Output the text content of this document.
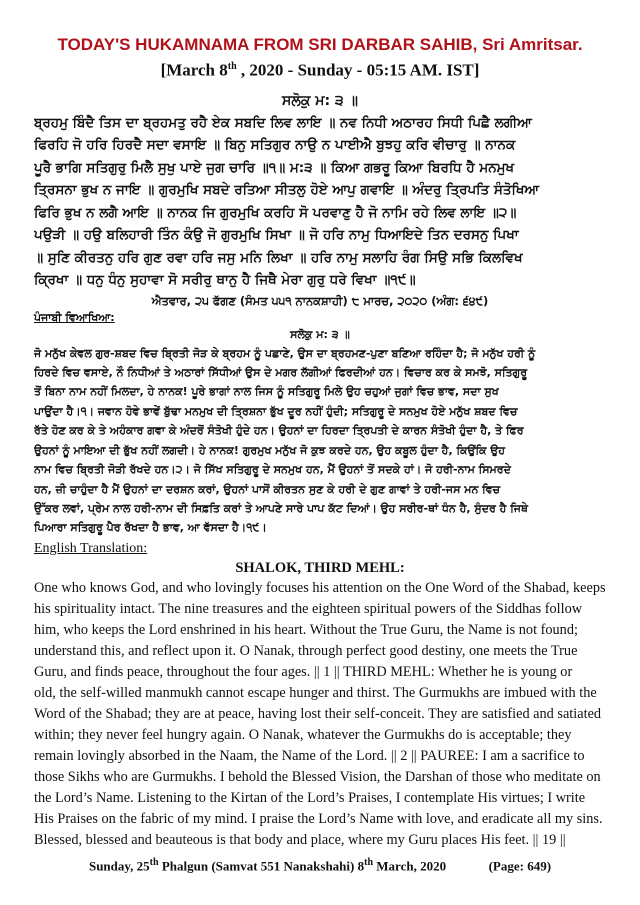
TODAY'S HUKAMNAMA FROM SRI DARBAR SAHIB, Sri Amritsar.
[March 8th , 2020 - Sunday - 05:15 AM. IST]
ਸਲੋਕੁ ਮ: ੩ ॥

ਬ੍ਰਹਮੁ ਬਿੰਦੈ ਤਿਸ ਦਾ ਬ੍ਰਹਮਤੁ ਰਹੈ ਏਕ ਸਬਦਿ ਲਿਵ ਲਾਇ ॥ ਨਵ ਨਿਧੀ ਅਠਾਰਹ ਸਿਧੀ ਪਿਛੈ ਲਗੀਆ

ਫਿਰਹਿ ਜੋ ਹਰਿ ਹਿਰਦੈ ਸਦਾ ਵਸਾਇ ॥ ਬਿਨੁ ਸਤਿਗੁਰ ਨਾਉ ਨ ਪਾਈਐ ਬੁਝਹੁ ਕਰਿ ਵੀਚਾਰੁ ॥ ਨਾਨਕ

ਪੂਰੈ ਭਾਗਿ ਸਤਿਗੁਰੁ ਮਿਲੈ ਸੁਖੁ ਪਾਏ ਜੁਗ ਚਾਰਿ ॥੧॥ ਮ:੩ ॥ ਕਿਆ ਗਭਰੂ ਕਿਆ ਬਿਰਧਿ ਹੈ ਮਨਮੁਖ

ਤ੍ਰਿਸਨਾ ਭੁਖ ਨ ਜਾਇ ॥ ਗੁਰਮੁਖਿ ਸਬਦੇ ਰਤਿਆ ਸੀਤਲੁ ਹੋਏ ਆਪੁ ਗਵਾਇ ॥ ਅੰਦਰੁ ਤ੍ਰਿਪਤਿ ਸੰਤੋਖਿਆ

ਫਿਰਿ ਭੁਖ ਨ ਲਗੈ ਆਇ ॥ ਨਾਨਕ ਜਿ ਗੁਰਮੁਖਿ ਕਰਹਿ ਸੋ ਪਰਵਾਣੁ ਹੈ ਜੋ ਨਾਮਿ ਰਹੇ ਲਿਵ ਲਾਇ ॥੨॥

ਪਉੜੀ ॥ ਹਉ ਬਲਿਹਾਰੀ ਤਿੰਨ ਕੰਉ ਜੋ ਗੁਰਮੁਖਿ ਸਿਖਾ ॥ ਜੋ ਹਰਿ ਨਾਮੁ ਧਿਆਇਦੇ ਤਿਨ ਦਰਸਨੁ ਪਿਖਾ

॥ ਸੁਣਿ ਕੀਰਤਨੁ ਹਰਿ ਗੁਣ ਰਵਾ ਹਰਿ ਜਸੁ ਮਨਿ ਲਿਖਾ ॥ ਹਰਿ ਨਾਮੁ ਸਲਾਹਿ ਰੰਗ ਸਿਉ ਸਭਿ ਕਿਲਵਿਖ

ਕ੍ਰਿਖਾ ॥ ਧਨੁ ਧੰਨੁ ਸੁਹਾਵਾ ਸੋ ਸਰੀਰੁ ਥਾਨੁ ਹੈ ਜਿਥੈ ਮੇਰਾ ਗੁਰੁ ਧਰੇ ਵਿਖਾ ॥੧੯॥

ਐਤਵਾਰ, ੨੫ ਫੱਗਣ (ਸੰਮਤ ੫੫੧ ਨਾਨਕਸ਼ਾਹੀ) ੮ ਮਾਰਚ, ੨੦੨੦ (ਅੰਗ: ੬੪੯)
ਪੰਜਾਬੀ ਵਿਆਖਿਆ:
ਸਲੋਕੁ ਮ: ੩ ॥

ਜੋ ਮਨੁੱਖ ਕੇਵਲ ਗੁਰ-ਸ਼ਬਦ ਵਿਚ ਬ੍ਰਿਤੀ ਜੋੜ ਕੇ ਬ੍ਰਹਮ ਨੂੰ ਪਛਾਣੇ, ਉਸ ਦਾ ਬ੍ਰਹਮਣ-ਪੁਣਾ ਬਣਿਆ ਰਹਿੰਦਾ ਹੈ; ਜੋ ਮਨੁੱਖ ਹਰੀ ਨੂੰ

ਹਿਰਦੇ ਵਿਚ ਵਸਾਏ, ਨੌ ਨਿਧੀਆਂ ਤੇ ਅਠਾਰਾਂ ਸਿੱਧੀਆਂ ਉਸ ਦੇ ਮਗਰ ਲੱਗੀਆਂ ਫਿਰਦੀਆਂ ਹਨ। ਵਿਚਾਰ ਕਰ ਕੇ ਸਮਝੋ, ਸਤਿਗੁਰੂ

ਤੋਂ ਬਿਨਾ ਨਾਮ ਨਹੀਂ ਮਿਲਦਾ, ਹੇ ਨਾਨਕ! ਪੂਰੇ ਭਾਗਾਂ ਨਾਲ ਜਿਸ ਨੂੰ ਸਤਿਗੁਰੂ ਮਿਲੇ ਉਹ ਚਹੁਆਂ ਜੁਗਾਂ ਵਿਚ ਭਾਵ, ਸਦਾ ਸੁਖ

ਪਾਉਂਦਾ ਹੈ।੧। ਜਵਾਨ ਹੋਵੇ ਭਾਵੇਂ ਬੁੱਢਾ ਮਨਮੁਖ ਦੀ ਤ੍ਰਿਸ਼ਨਾ ਭੁੱਖ ਦੂਰ ਨਹੀਂ ਹੁੰਦੀ; ਸਤਿਗੁਰੂ ਦੇ ਸਨਮੁਖ ਹੋਏ ਮਨੁੱਖ ਸ਼ਬਦ ਵਿਚ

ਰੱਤੇ ਹੋਣ ਕਰ ਕੇ ਤੇ ਅਹੰਕਾਰ ਗਵਾ ਕੇ ਅੰਦਰੋਂ ਸੰਤੋਖੀ ਹੁੰਦੇ ਹਨ। ਉਹਨਾਂ ਦਾ ਹਿਰਦਾ ਤ੍ਰਿਪਤੀ ਦੇ ਕਾਰਨ ਸੰਤੋਖੀ ਹੁੰਦਾ ਹੈ, ਤੇ ਫਿਰ

ਉਹਨਾਂ ਨੂੰ ਮਾਇਆ ਦੀ ਭੁੱਖ ਨਹੀਂ ਲਗਦੀ। ਹੇ ਨਾਨਕ! ਗੁਰਮੁਖ ਮਨੁੱਖ ਜੋ ਕੁਝ ਕਰਦੇ ਹਨ, ਉਹ ਕਬੂਲ ਹੁੰਦਾ ਹੈ, ਕਿਉਂਕਿ ਉਹ

ਨਾਮ ਵਿਚ ਬ੍ਰਿਤੀ ਜੋੜੀ ਰੱਖਦੇ ਹਨ।੨। ਜੋ ਸਿੱਖ ਸਤਿਗੁਰੂ ਦੇ ਸਨਮੁਖ ਹਨ, ਮੈਂ ਉਹਨਾਂ ਤੋਂ ਸਦਕੇ ਹਾਂ। ਜੋ ਹਰੀ-ਨਾਮ ਸਿਮਰਦੇ

ਹਨ, ਜ਼ੀ ਚਾਹੁੰਦਾ ਹੈ ਮੈਂ ਉਹਨਾਂ ਦਾ ਦਰਸ਼ਨ ਕਰਾਂ, ਉਹਨਾਂ ਪਾਸੋਂ ਕੀਰਤਨ ਸੁਣ ਕੇ ਹਰੀ ਦੇ ਗੁਣ ਗਾਵਾਂ ਤੇ ਹਰੀ-ਜਸ ਮਨ ਵਿਚ

ਉੱਕਰ ਲਵਾਂ, ਪ੍ਰੇਮ ਨਾਲ ਹਰੀ-ਨਾਮ ਦੀ ਸਿਫ਼ਤਿ ਕਰਾਂ ਤੇ ਆਪਣੇ ਸਾਰੇ ਪਾਪ ਕੱਟ ਦਿਆਂ। ਉਹ ਸਰੀਰ-ਥਾਂ ਧੰਨ ਹੈ, ਸੁੰਦਰ ਹੈ ਜਿਥੇ

ਪਿਆਰਾ ਸਤਿਗੁਰੂ ਪੈਰ ਰੱਖਦਾ ਹੈ ਭਾਵ, ਆ ਵੱਸਦਾ ਹੈ।੧੯।

English Translation:
SHALOK, THIRD MEHL:

One who knows God, and who lovingly focuses his attention on the One Word of the Shabad, keeps

his spirituality intact. The nine treasures and the eighteen spiritual powers of the Siddhas follow

him, who keeps the Lord enshrined in his heart. Without the True Guru, the Name is not found;

understand this, and reflect upon it. O Nanak, through perfect good destiny, one meets the True

Guru, and finds peace, throughout the four ages. || 1 || THIRD MEHL: Whether he is young or

old, the self-willed manmukh cannot escape hunger and thirst. The Gurmukhs are imbued with the

Word of the Shabad; they are at peace, having lost their self-conceit. They are satisfied and satiated

within; they never feel hungry again. O Nanak, whatever the Gurmukhs do is acceptable; they

remain lovingly absorbed in the Naam, the Name of the Lord. || 2 || PAUREE: I am a sacrifice to

those Sikhs who are Gurmukhs. I behold the Blessed Vision, the Darshan of those who meditate on

the Lord’s Name. Listening to the Kirtan of the Lord’s Praises, I contemplate His virtues; I write

His Praises on the fabric of my mind. I praise the Lord’s Name with love, and eradicate all my sins.

Blessed, blessed and beauteous is that body and place, where my Guru places His feet. || 19 ||

Sunday, 25th Phalgun (Samvat 551 Nanakshahi) 8th March, 2020	(Page: 649)
